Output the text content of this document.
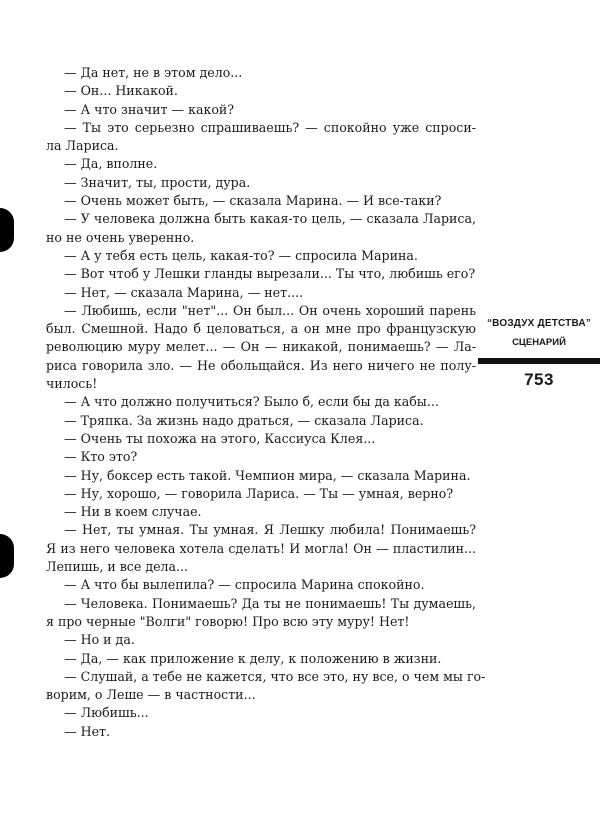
— Да нет, не в этом дело...
— Он... Никакой.
— А что значит — какой?
— Ты это серьезно спрашиваешь? — спокойно уже спроси-
ла Лариса.
— Да, вполне.
— Значит, ты, прости, дура.
— Очень может быть, — сказала Марина. — И все-таки?
— У человека должна быть какая-то цель, — сказала Лариса,
но не очень уверенно.
— А у тебя есть цель, какая-то? — спросила Марина.
— Вот чтоб у Лешки гланды вырезали... Ты что, любишь его?
— Нет, — сказала Марина, — нет....
— Любишь, если "нет"... Он был... Он очень хороший парень
был. Смешной. Надо б целоваться, а он мне про французскую
революцию муру мелет... — Он — никакой, понимаешь? — Ла-
риса говорила зло. — Не обольщайся. Из него ничего не полу-
чилось!
— А что должно получиться? Было б, если бы да кабы...
— Тряпка. За жизнь надо драться, — сказала Лариса.
— Очень ты похожа на этого, Кассиуса Клея...
— Кто это?
— Ну, боксер есть такой. Чемпион мира, — сказала Марина.
— Ну, хорошо, — говорила Лариса. — Ты — умная, верно?
— Ни в коем случае.
— Нет, ты умная. Ты умная. Я Лешку любила! Понимаешь?
Я из него человека хотела сделать! И могла! Он — пластилин...
Лепишь, и все дела...
— А что бы вылепила? — спросила Марина спокойно.
— Человека. Понимаешь? Да ты не понимаешь! Ты думаешь,
я про черные "Волги" говорю! Про всю эту муру! Нет!
— Но и да.
— Да, — как приложение к делу, к положению в жизни.
— Слушай, а тебе не кажется, что все это, ну все, о чем мы го-
ворим, о Леше — в частности...
— Любишь...
— Нет.
“ВОЗДУХ ДЕТСТВА”
СЦЕНАРИЙ
753
